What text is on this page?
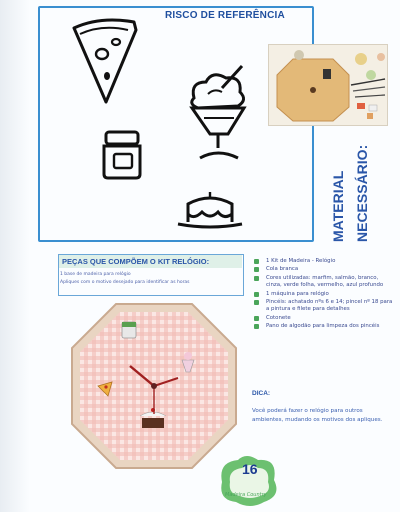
RISCO DE REFERÊNCIA
MATERIAL NECESSÁRIO:
PEÇAS QUE COMPÕEM O KIT RELÓGIO:
1 base de madeira para relógio
Apliques com o motivo desejado para identificar as horas
1 Kit de Madeira - Relógio
Cola branca
Cores utilizadas: marfim, salmão, branco, cinza, verde folha, vermelho, azul profundo
1 máquina para relógio
Pincéis: achatado nºs 6 e 14; pincel nº 18 para a pintura e filete para detalhes
Cotonete
Pano de algodão para limpeza dos pincéis
DICA:
Você poderá fazer o relógio para outros ambientes, mudando os motivos dos apliques.
16
Madeira Country
